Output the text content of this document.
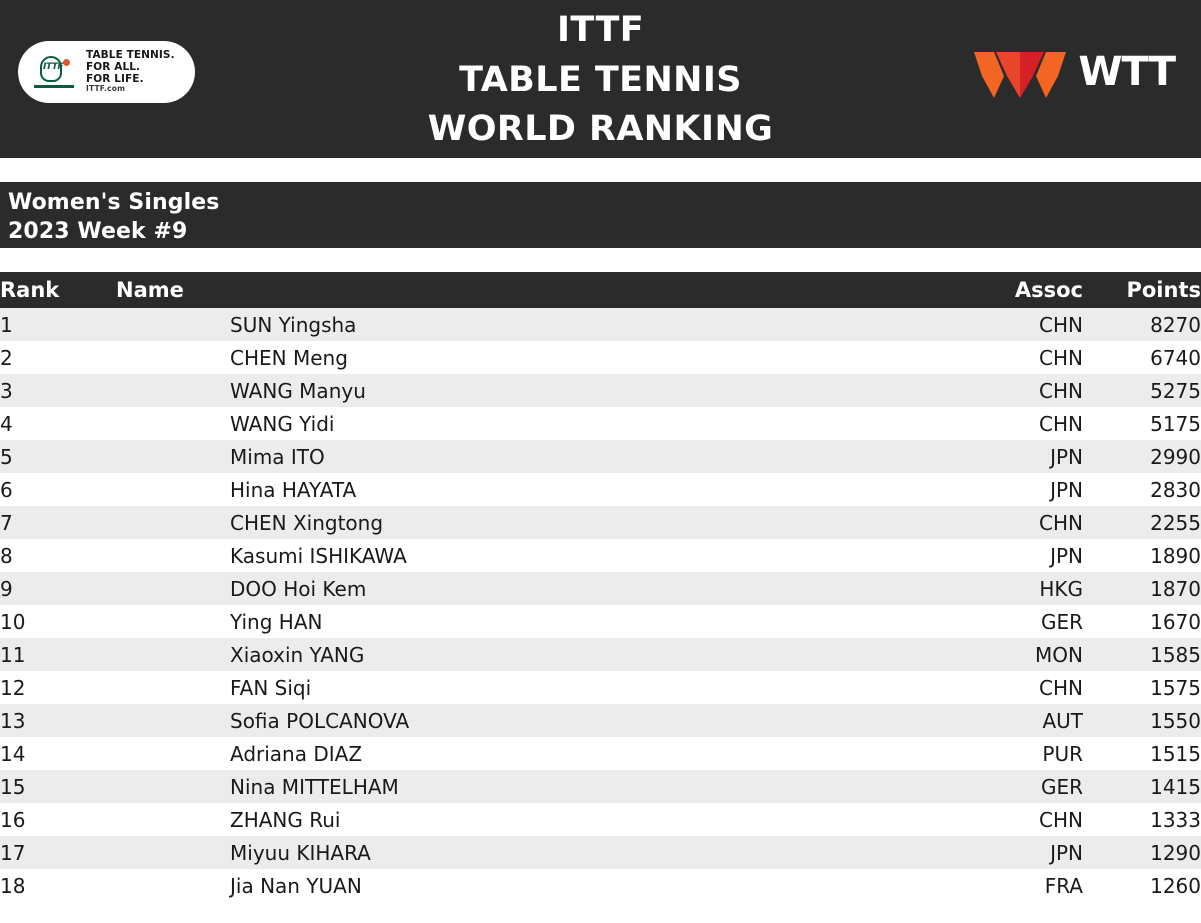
ITTF
TABLE TENNIS.
FOR ALL.
FOR LIFE.
ITTF.com
ITTF
TABLE TENNIS
WORLD RANKING
WTT
Women's Singles
2023 Week #9
Rank	Name	Assoc	Points
1	SUN Yingsha	CHN	8270
2	CHEN Meng	CHN	6740
3	WANG Manyu	CHN	5275
4	WANG Yidi	CHN	5175
5	Mima ITO	JPN	2990
6	Hina HAYATA	JPN	2830
7	CHEN Xingtong	CHN	2255
8	Kasumi ISHIKAWA	JPN	1890
9	DOO Hoi Kem	HKG	1870
10	Ying HAN	GER	1670
11	Xiaoxin YANG	MON	1585
12	FAN Siqi	CHN	1575
13	Sofia POLCANOVA	AUT	1550
14	Adriana DIAZ	PUR	1515
15	Nina MITTELHAM	GER	1415
16	ZHANG Rui	CHN	1333
17	Miyuu KIHARA	JPN	1290
18	Jia Nan YUAN	FRA	1260
